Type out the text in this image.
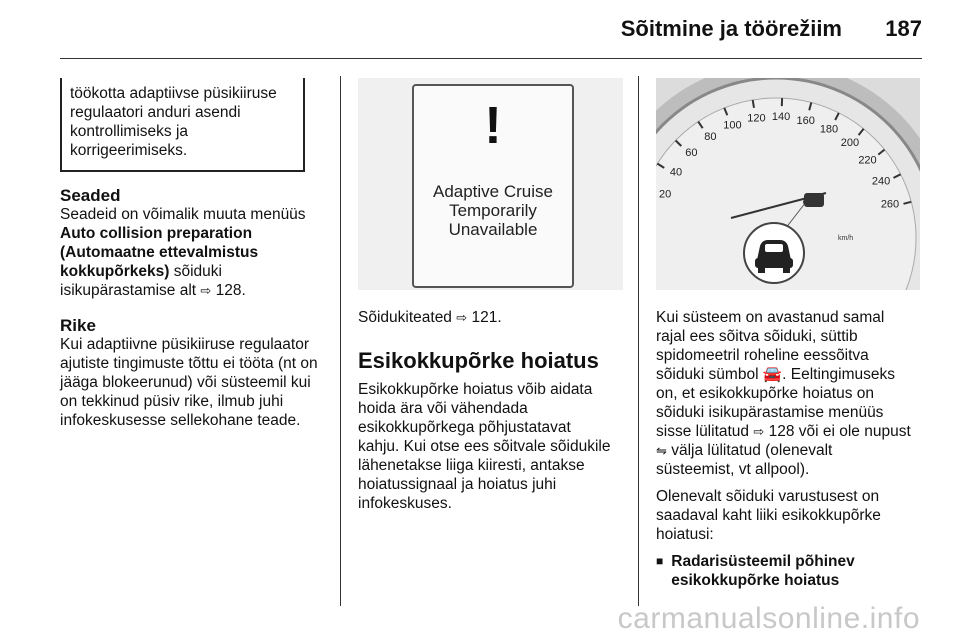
Sõitmine ja töörežiim 187

töökotta adaptiivse püsikiiruse

regulaatori anduri asendi

kontrollimiseks ja

korrigeerimiseks.

Seaded

Seadeid on võimalik muuta menüüs

Auto collision preparation

(Automaatne ettevalmistus

kokkupõrkeks) sõiduki

isikupärastamise alt ⇨ 128.

Rike

Kui adaptiivne püsikiiruse regulaator

ajutiste tingimuste tõttu ei tööta (nt on

jääga blokeerunud) või süsteemil kui

on tekkinud püsiv rike, ilmub juhi

infokeskusesse sellekohane teade.

!
Adaptive Cruise
Temporarily
Unavailable

Sõidukiteated ⇨ 121.

Esikokkupõrke hoiatus

Esikokkupõrke hoiatus võib aidata

hoida ära või vähendada

esikokkupõrkega põhjustatavat

kahju. Kui otse ees sõitvale sõidukile

lähenetakse liiga kiiresti, antakse

hoiatussignaal ja hoiatus juhi

infokeskuses.

20
40
60
80
100
120 140 160
180
200
220
240
260
km/h

Kui süsteem on avastanud samal

rajal ees sõitva sõiduki, süttib

spidomeetril roheline eessõitva

sõiduki sümbol 🚘. Eeltingimuseks

on, et esikokkupõrke hoiatus on

sõiduki isikupärastamise menüüs

sisse lülitatud ⇨ 128 või ei ole nupust

⇋ välja lülitatud (olenevalt

süsteemist, vt allpool).

Olenevalt sõiduki varustusest on

saadaval kaht liiki esikokkupõrke

hoiatusi:

■ Radarisüsteemil põhinev

esikokkupõrke hoiatus

carmanualsonline.info
